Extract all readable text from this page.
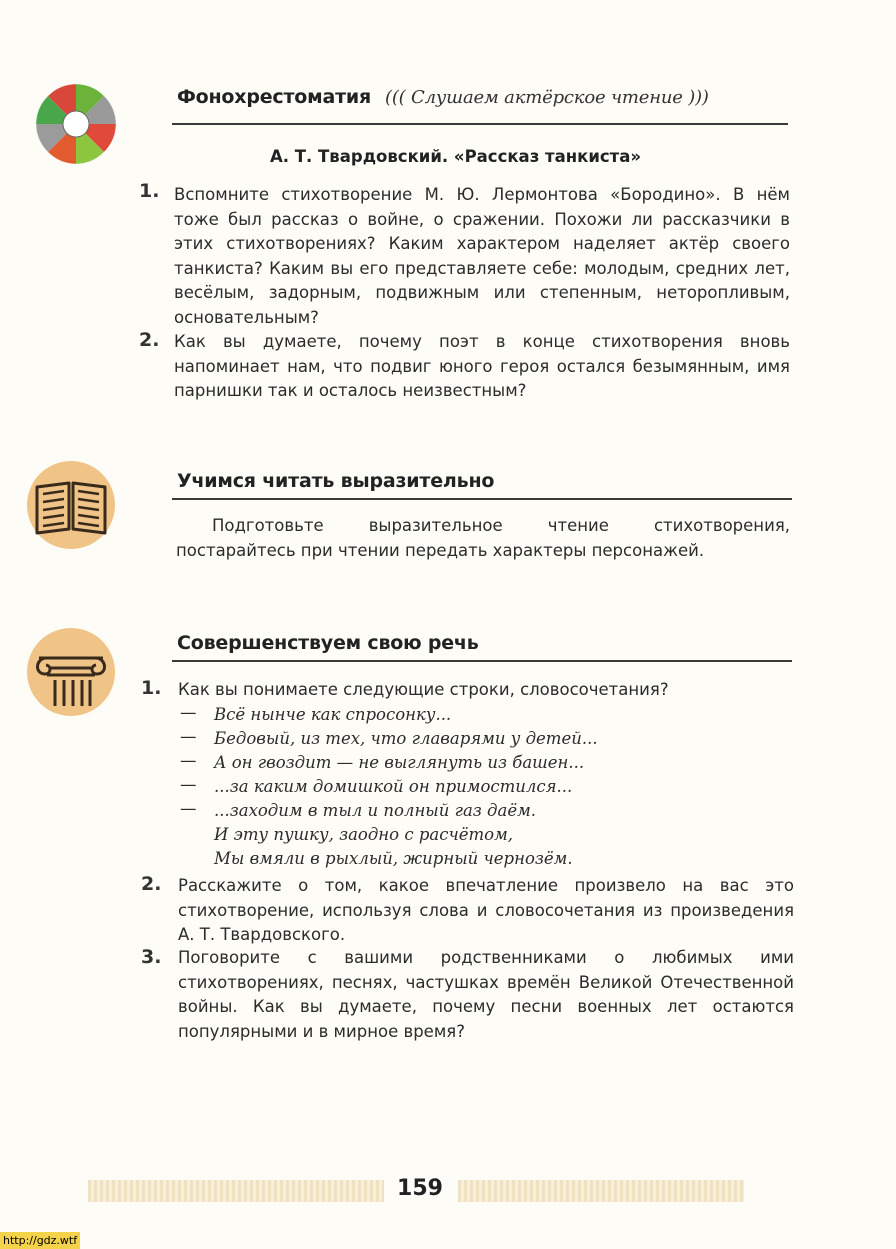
Фонохрестоматия ((( Слушаем актёрское чтение )))
А. Т. Твардовский. «Рассказ танкиста»
1. Вспомните стихотворение М. Ю. Лермонтова «Бородино». В нём тоже был рассказ о войне, о сражении. Похожи ли рассказчики в этих стихотворениях? Каким характером наделяет актёр своего танкиста? Каким вы его представляете себе: молодым, средних лет, весёлым, задорным, подвижным или степенным, неторопливым, основательным?
2. Как вы думаете, почему поэт в конце стихотворения вновь напоминает нам, что подвиг юного героя остался безымянным, имя парнишки так и осталось неизвестным?
Учимся читать выразительно
Подготовьте выразительное чтение стихотворения, постарайтесь при чтении передать характеры персонажей.
Совершенствуем свою речь
1. Как вы понимаете следующие строки, словосочетания?
— Всё нынче как спросонку...
— Бедовый, из тех, что главарями у детей...
— А он гвоздит — не выглянуть из башен...
— ...за каким домишкой он примостился...
— ...заходим в тыл и полный газ даём.
И эту пушку, заодно с расчётом,
Мы вмяли в рыхлый, жирный чернозём.
2. Расскажите о том, какое впечатление произвело на вас это стихотворение, используя слова и словосочетания из произведения А. Т. Твардовского.
3. Поговорите с вашими родственниками о любимых ими стихотворениях, песнях, частушках времён Великой Отечественной войны. Как вы думаете, почему песни военных лет остаются популярными и в мирное время?
159
http://gdz.wtf
